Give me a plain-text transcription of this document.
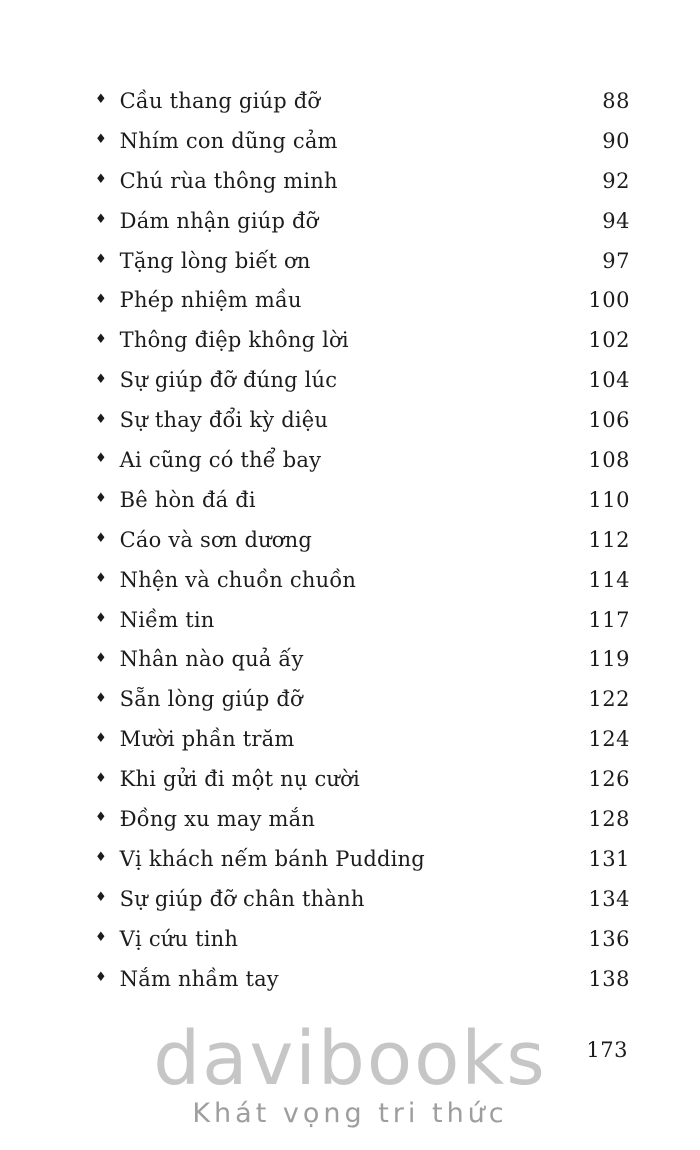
♦ Cầu thang giúp đỡ	88
♦ Nhím con dũng cảm	90
♦ Chú rùa thông minh	92
♦ Dám nhận giúp đỡ	94
♦ Tặng lòng biết ơn	97
♦ Phép nhiệm mầu	100
♦ Thông điệp không lời	102
♦ Sự giúp đỡ đúng lúc	104
♦ Sự thay đổi kỳ diệu	106
♦ Ai cũng có thể bay	108
♦ Bê hòn đá đi	110
♦ Cáo và sơn dương	112
♦ Nhện và chuồn chuồn	114
♦ Niềm tin	117
♦ Nhân nào quả ấy	119
♦ Sẵn lòng giúp đỡ	122
♦ Mười phần trăm	124
♦ Khi gửi đi một nụ cười	126
♦ Đồng xu may mắn	128
♦ Vị khách nếm bánh Pudding	131
♦ Sự giúp đỡ chân thành	134
♦ Vị cứu tinh	136
♦ Nắm nhầm tay	138
173
davibooks
Khát vọng tri thức
